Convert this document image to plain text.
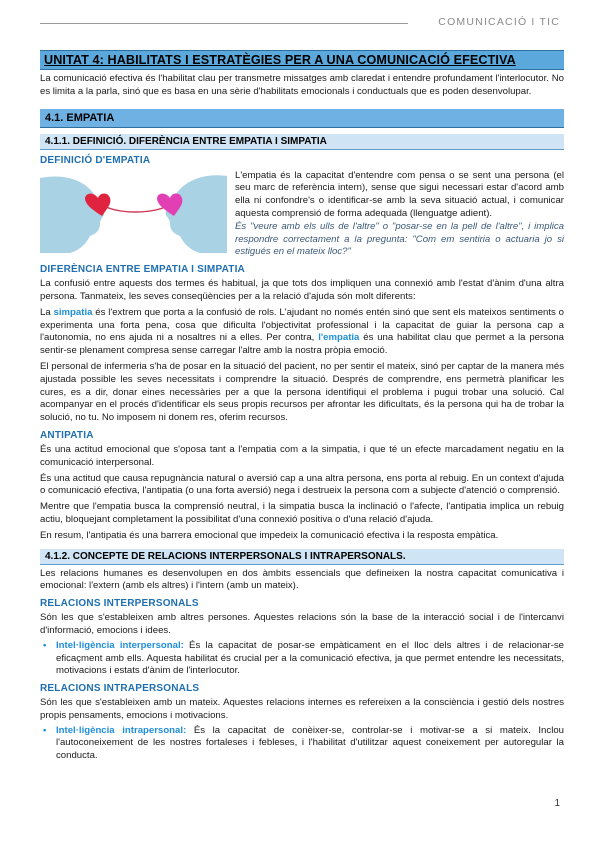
COMUNICACIÓ I TIC
UNITAT 4: HABILITATS I ESTRATÈGIES PER A UNA COMUNICACIÓ EFECTIVA

La comunicació efectiva és l'habilitat clau per transmetre missatges amb claredat i entendre profundament l'interlocutor. No es limita a la parla, sinó que es basa en una sèrie d'habilitats emocionals i conductuals que es poden desenvolupar.

4.1. EMPATIA
4.1.1. DEFINICIÓ. DIFERÈNCIA ENTRE EMPATIA I SIMPATIA
DEFINICIÓ D'EMPATIA

L'empatia és la capacitat d'entendre com pensa o se sent una persona (el seu marc de referència intern), sense que sigui necessari estar d'acord amb ella ni confondre's o identificar-se amb la seva situació actual, i comunicar aquesta comprensió de forma adequada (llenguatge adient).

És "veure amb els ulls de l'altre" o "posar-se en la pell de l'altre", i implica respondre correctament a la pregunta: "Com em sentiria o actuaria jo si estigués en el mateix lloc?"

DIFERÈNCIA ENTRE EMPATIA I SIMPATIA

La confusió entre aquests dos termes és habitual, ja que tots dos impliquen una connexió amb l'estat d'ànim d'una altra persona. Tanmateix, les seves conseqüències per a la relació d'ajuda són molt diferents:

La simpatia és l'extrem que porta a la confusió de rols. L'ajudant no només entén sinó que sent els mateixos sentiments o experimenta una forta pena, cosa que dificulta l'objectivitat professional i la capacitat de guiar la persona cap a l'autonomia, no ens ajuda ni a nosaltres ni a elles. Per contra, l'empatia és una habilitat clau que permet a la persona sentir-se plenament compresa sense carregar l'altre amb la nostra pròpia emoció.

El personal de infermeria s'ha de posar en la situació del pacient, no per sentir el mateix, sinó per captar de la manera més ajustada possible les seves necessitats i comprendre la situació. Després de comprendre, ens permetrà planificar les cures, es a dir, donar eines necessàries per a que la persona identifiqui el problema i pugui trobar una solució. Cal acompanyar en el procés d'identificar els seus propis recursos per afrontar les dificultats, és la persona qui ha de trobar la solució, no tu. No imposem ni donem res, oferim recursos.

ANTIPATIA

És una actitud emocional que s'oposa tant a l'empatia com a la simpatia, i que té un efecte marcadament negatiu en la comunicació interpersonal.

És una actitud que causa repugnància natural o aversió cap a una altra persona, ens porta al rebuig. En un context d'ajuda o comunicació efectiva, l'antipatia (o una forta aversió) nega i destrueix la persona com a subjecte d'atenció o comprensió.

Mentre que l'empatia busca la comprensió neutral, i la simpatia busca la inclinació o l'afecte, l'antipatia implica un rebuig actiu, bloquejant completament la possibilitat d'una connexió positiva o d'una relació d'ajuda.

En resum, l'antipatia és una barrera emocional que impedeix la comunicació efectiva i la resposta empàtica.

4.1.2. CONCEPTE DE RELACIONS INTERPERSONALS I INTRAPERSONALS.

Les relacions humanes es desenvolupen en dos àmbits essencials que defineixen la nostra capacitat comunicativa i emocional: l'extern (amb els altres) i l'intern (amb un mateix).

RELACIONS INTERPERSONALS

Són les que s'estableixen amb altres persones. Aquestes relacions són la base de la interacció social i de l'intercanvi d'informació, emocions i idees.

• Intel·ligència interpersonal: És la capacitat de posar-se empàticament en el lloc dels altres i de relacionar-se eficaçment amb ells. Aquesta habilitat és crucial per a la comunicació efectiva, ja que permet entendre les necessitats, motivacions i estats d'ànim de l'interlocutor.
RELACIONS INTRAPERSONALS

Són les que s'estableixen amb un mateix. Aquestes relacions internes es refereixen a la consciència i gestió dels nostres propis pensaments, emocions i motivacions.

• Intel·ligència intrapersonal: És la capacitat de conèixer-se, controlar-se i motivar-se a si mateix. Inclou l'autoconeixement de les nostres fortaleses i febleses, i l'habilitat d'utilitzar aquest coneixement per autoregular la conducta.
1
